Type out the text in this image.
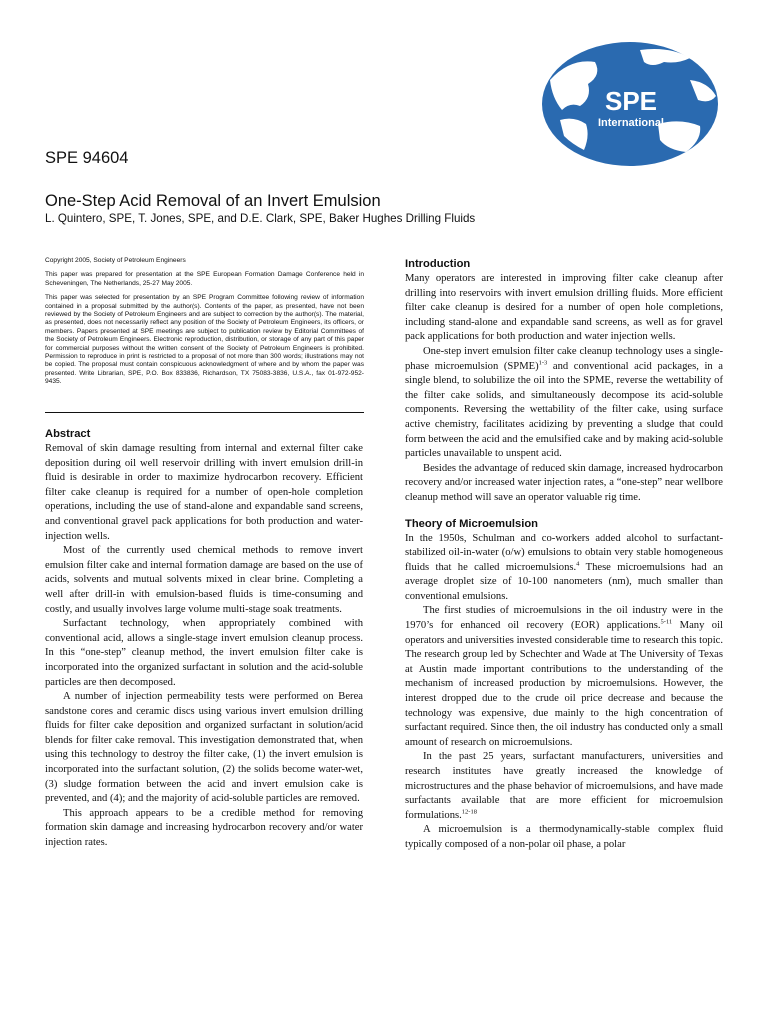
SPE
International
SPE 94604
One-Step Acid Removal of an Invert Emulsion
L. Quintero, SPE, T. Jones, SPE, and D.E. Clark, SPE, Baker Hughes Drilling Fluids

Copyright 2005, Society of Petroleum Engineers

This paper was prepared for presentation at the SPE European Formation Damage Conference held in Scheveningen, The Netherlands, 25-27 May 2005.

This paper was selected for presentation by an SPE Program Committee following review of information contained in a proposal submitted by the author(s). Contents of the paper, as presented, have not been reviewed by the Society of Petroleum Engineers and are subject to correction by the author(s). The material, as presented, does not necessarily reflect any position of the Society of Petroleum Engineers, its officers, or members. Papers presented at SPE meetings are subject to publication review by Editorial Committees of the Society of Petroleum Engineers. Electronic reproduction, distribution, or storage of any part of this paper for commercial purposes without the written consent of the Society of Petroleum Engineers is prohibited. Permission to reproduce in print is restricted to a proposal of not more than 300 words; illustrations may not be copied. The proposal must contain conspicuous acknowledgment of where and by whom the paper was presented. Write Librarian, SPE, P.O. Box 833836, Richardson, TX 75083-3836, U.S.A., fax 01-972-952-9435.

Abstract

Removal of skin damage resulting from internal and external filter cake deposition during oil well reservoir drilling with invert emulsion drill-in fluid is desirable in order to maximize hydrocarbon recovery. Efficient filter cake cleanup is required for a number of open-hole completion operations, including the use of stand-alone and expandable sand screens, and conventional gravel pack applications for both production and water-injection wells.

Most of the currently used chemical methods to remove invert emulsion filter cake and internal formation damage are based on the use of acids, solvents and mutual solvents mixed in clear brine. Completing a well after drill-in with emulsion-based fluids is time-consuming and costly, and usually involves large volume multi-stage soak treatments.

Surfactant technology, when appropriately combined with conventional acid, allows a single-stage invert emulsion cleanup process. In this “one-step” cleanup method, the invert emulsion filter cake is incorporated into the organized surfactant in solution and the acid-soluble particles are then decomposed.

A number of injection permeability tests were performed on Berea sandstone cores and ceramic discs using various invert emulsion drilling fluids for filter cake deposition and organized surfactant in solution/acid blends for filter cake removal. This investigation demonstrated that, when using this technology to destroy the filter cake, (1) the invert emulsion is incorporated into the surfactant solution, (2) the solids become water-wet, (3) sludge formation between the acid and invert emulsion cake is prevented, and (4); and the majority of acid-soluble particles are removed.

This approach appears to be a credible method for removing formation skin damage and increasing hydrocarbon recovery and/or water injection rates.

Introduction

Many operators are interested in improving filter cake cleanup after drilling into reservoirs with invert emulsion drilling fluids. More efficient filter cake cleanup is desired for a number of open hole completions, including stand-alone and expandable sand screens, as well as for gravel pack applications for both production and water injection wells.

One-step invert emulsion filter cake cleanup technology uses a single-phase microemulsion (SPME)$^{1-3}$ and conventional acid packages, in a single blend, to solubilize the oil into the SPME, reverse the wettability of the filter cake solids, and simultaneously decompose its acid-soluble components. Reversing the wettability of the filter cake, using surface active chemistry, facilitates acidizing by preventing a sludge that could form between the acid and the emulsified cake and by making acid-soluble particles unavailable to unspent acid.

Besides the advantage of reduced skin damage, increased hydrocarbon recovery and/or increased water injection rates, a “one-step” near wellbore cleanup method will save an operator valuable rig time.

Theory of Microemulsion

In the 1950s, Schulman and co-workers added alcohol to surfactant-stabilized oil-in-water (o/w) emulsions to obtain very stable homogeneous fluids that he called microemulsions.$^4$ These microemulsions had an average droplet size of 10-100 nanometers (nm), much smaller than conventional emulsions.

The first studies of microemulsions in the oil industry were in the 1970’s for enhanced oil recovery (EOR) applications.$^{5-11}$ Many oil operators and universities invested considerable time to research this topic. The research group led by Schechter and Wade at The University of Texas at Austin made important contributions to the understanding of the mechanism of increased production by microemulsions. However, the interest dropped due to the crude oil price decrease and because the technology was expensive, due mainly to the high concentration of surfactant required. Since then, the oil industry has conducted only a small amount of research on microemulsions.

In the past 25 years, surfactant manufacturers, universities and research institutes have greatly increased the knowledge of microstructures and the phase behavior of microemulsions, and have made surfactants available that are more efficient for microemulsion formulations.$^{12-18}$

A microemulsion is a thermodynamically-stable complex fluid typically composed of a non-polar oil phase, a polar
